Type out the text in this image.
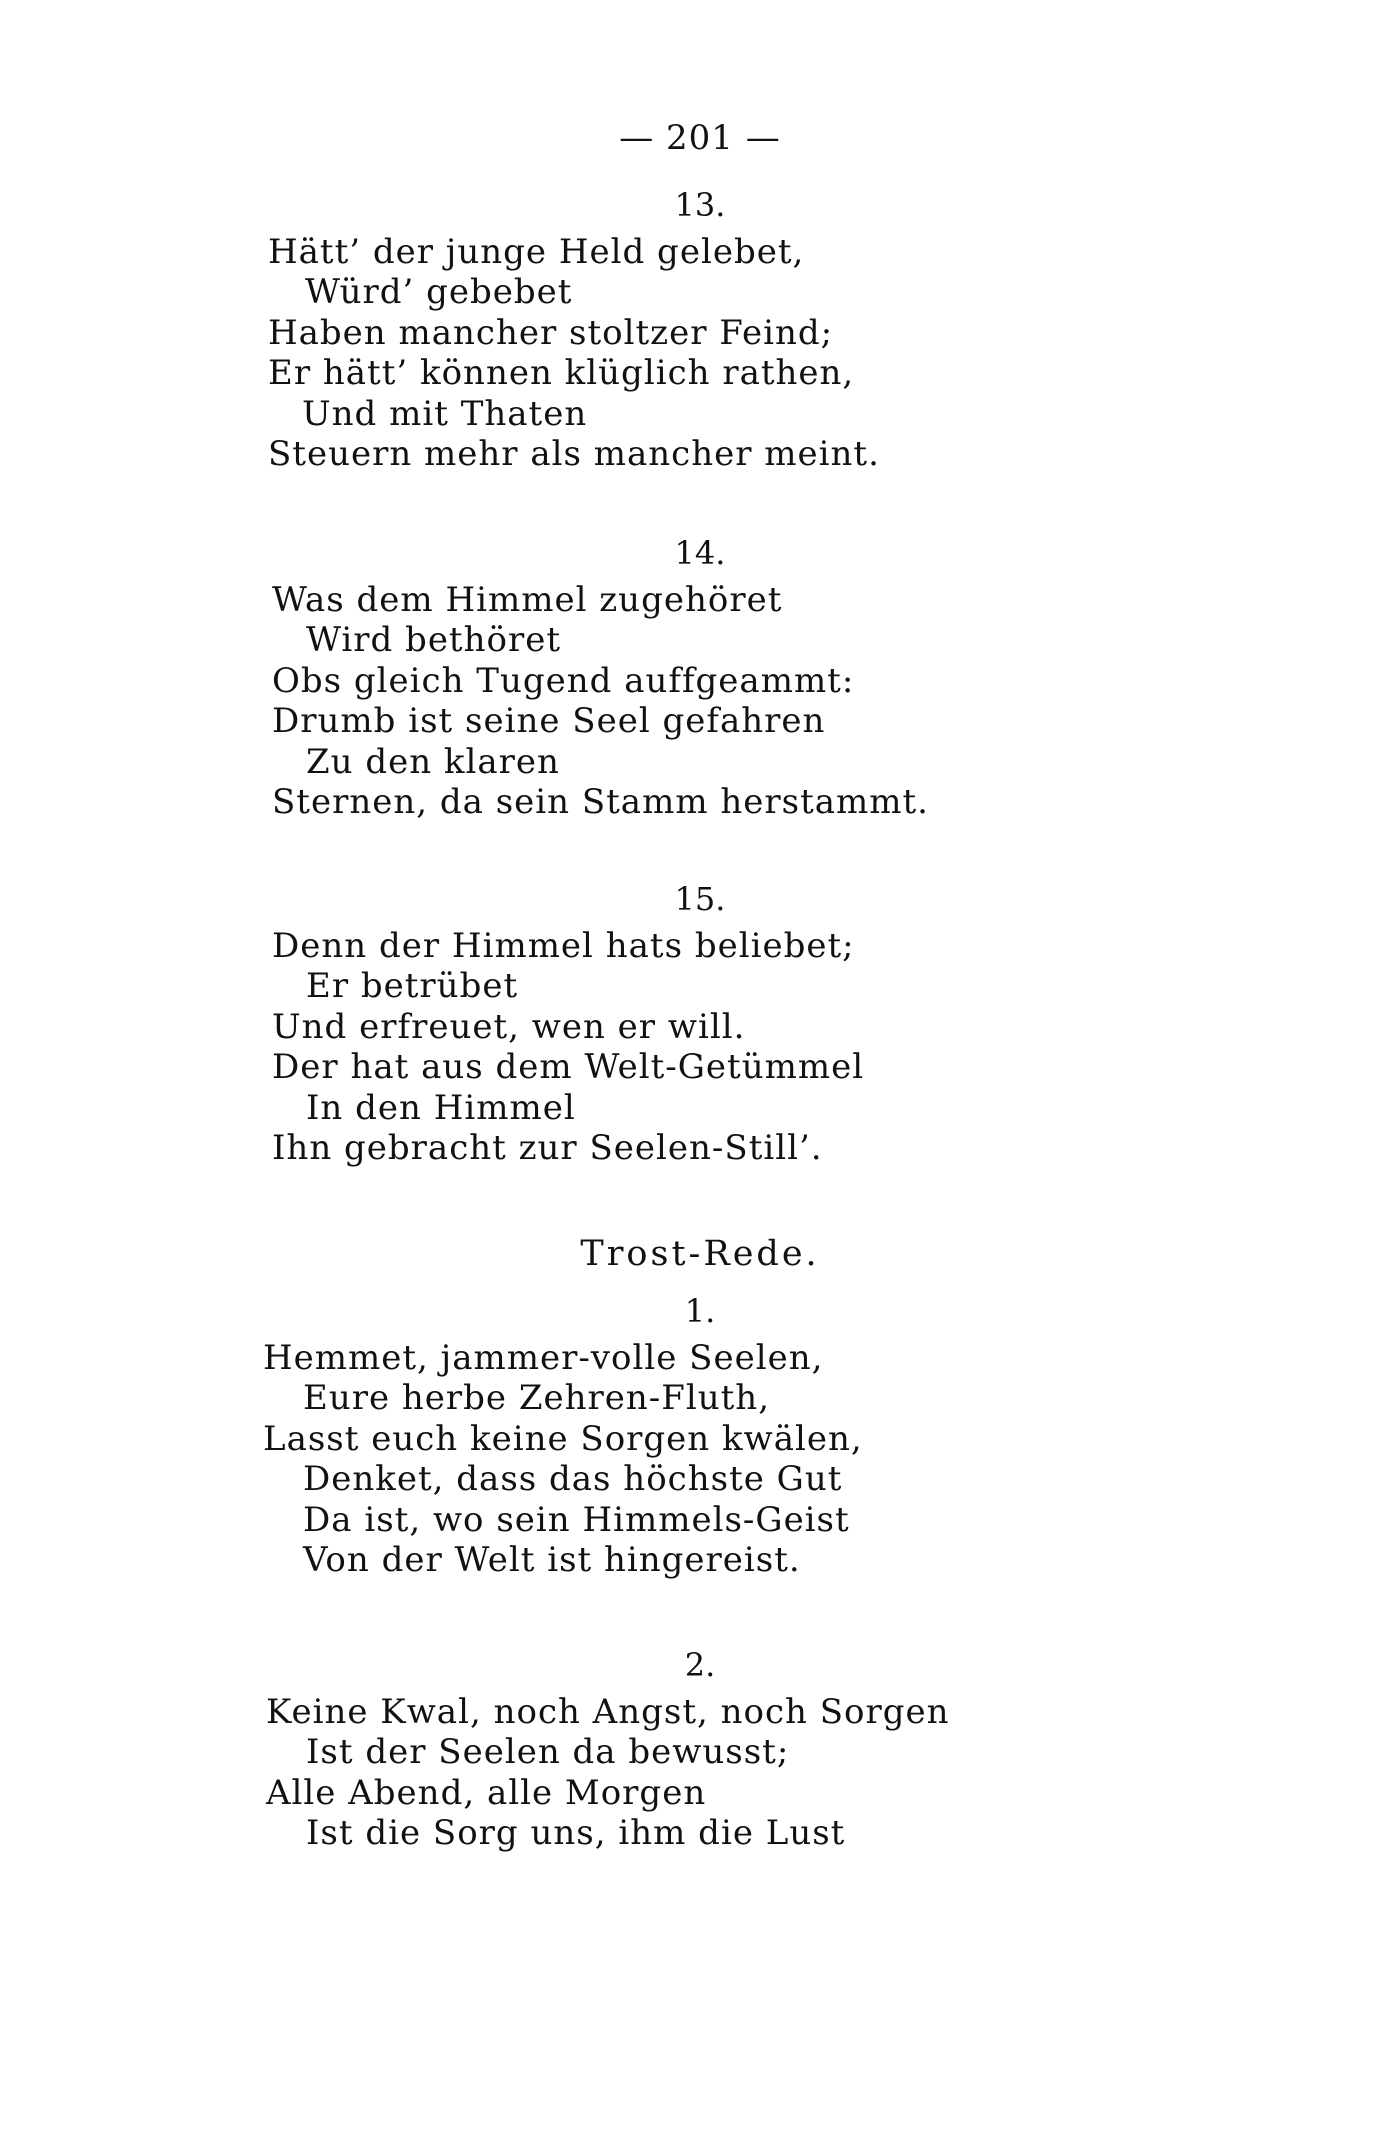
— 201 —
13.
Hätt’ der junge Held gelebet,
Würd’ gebebet
Haben mancher stoltzer Feind;
Er hätt’ können klüglich rathen,
Und mit Thaten
Steuern mehr als mancher meint.
14.
Was dem Himmel zugehöret
Wird bethöret
Obs gleich Tugend auffgeammt:
Drumb ist seine Seel gefahren
Zu den klaren
Sternen, da sein Stamm herstammt.
15.
Denn der Himmel hats beliebet;
Er betrübet
Und erfreuet, wen er will.
Der hat aus dem Welt-Getümmel
In den Himmel
Ihn gebracht zur Seelen-Still’.
Trost-Rede.
1.
Hemmet, jammer-volle Seelen,
Eure herbe Zehren-Fluth,
Lasst euch keine Sorgen kwälen,
Denket, dass das höchste Gut
Da ist, wo sein Himmels-Geist
Von der Welt ist hingereist.
2.
Keine Kwal, noch Angst, noch Sorgen
Ist der Seelen da bewusst;
Alle Abend, alle Morgen
Ist die Sorg uns, ihm die Lust
